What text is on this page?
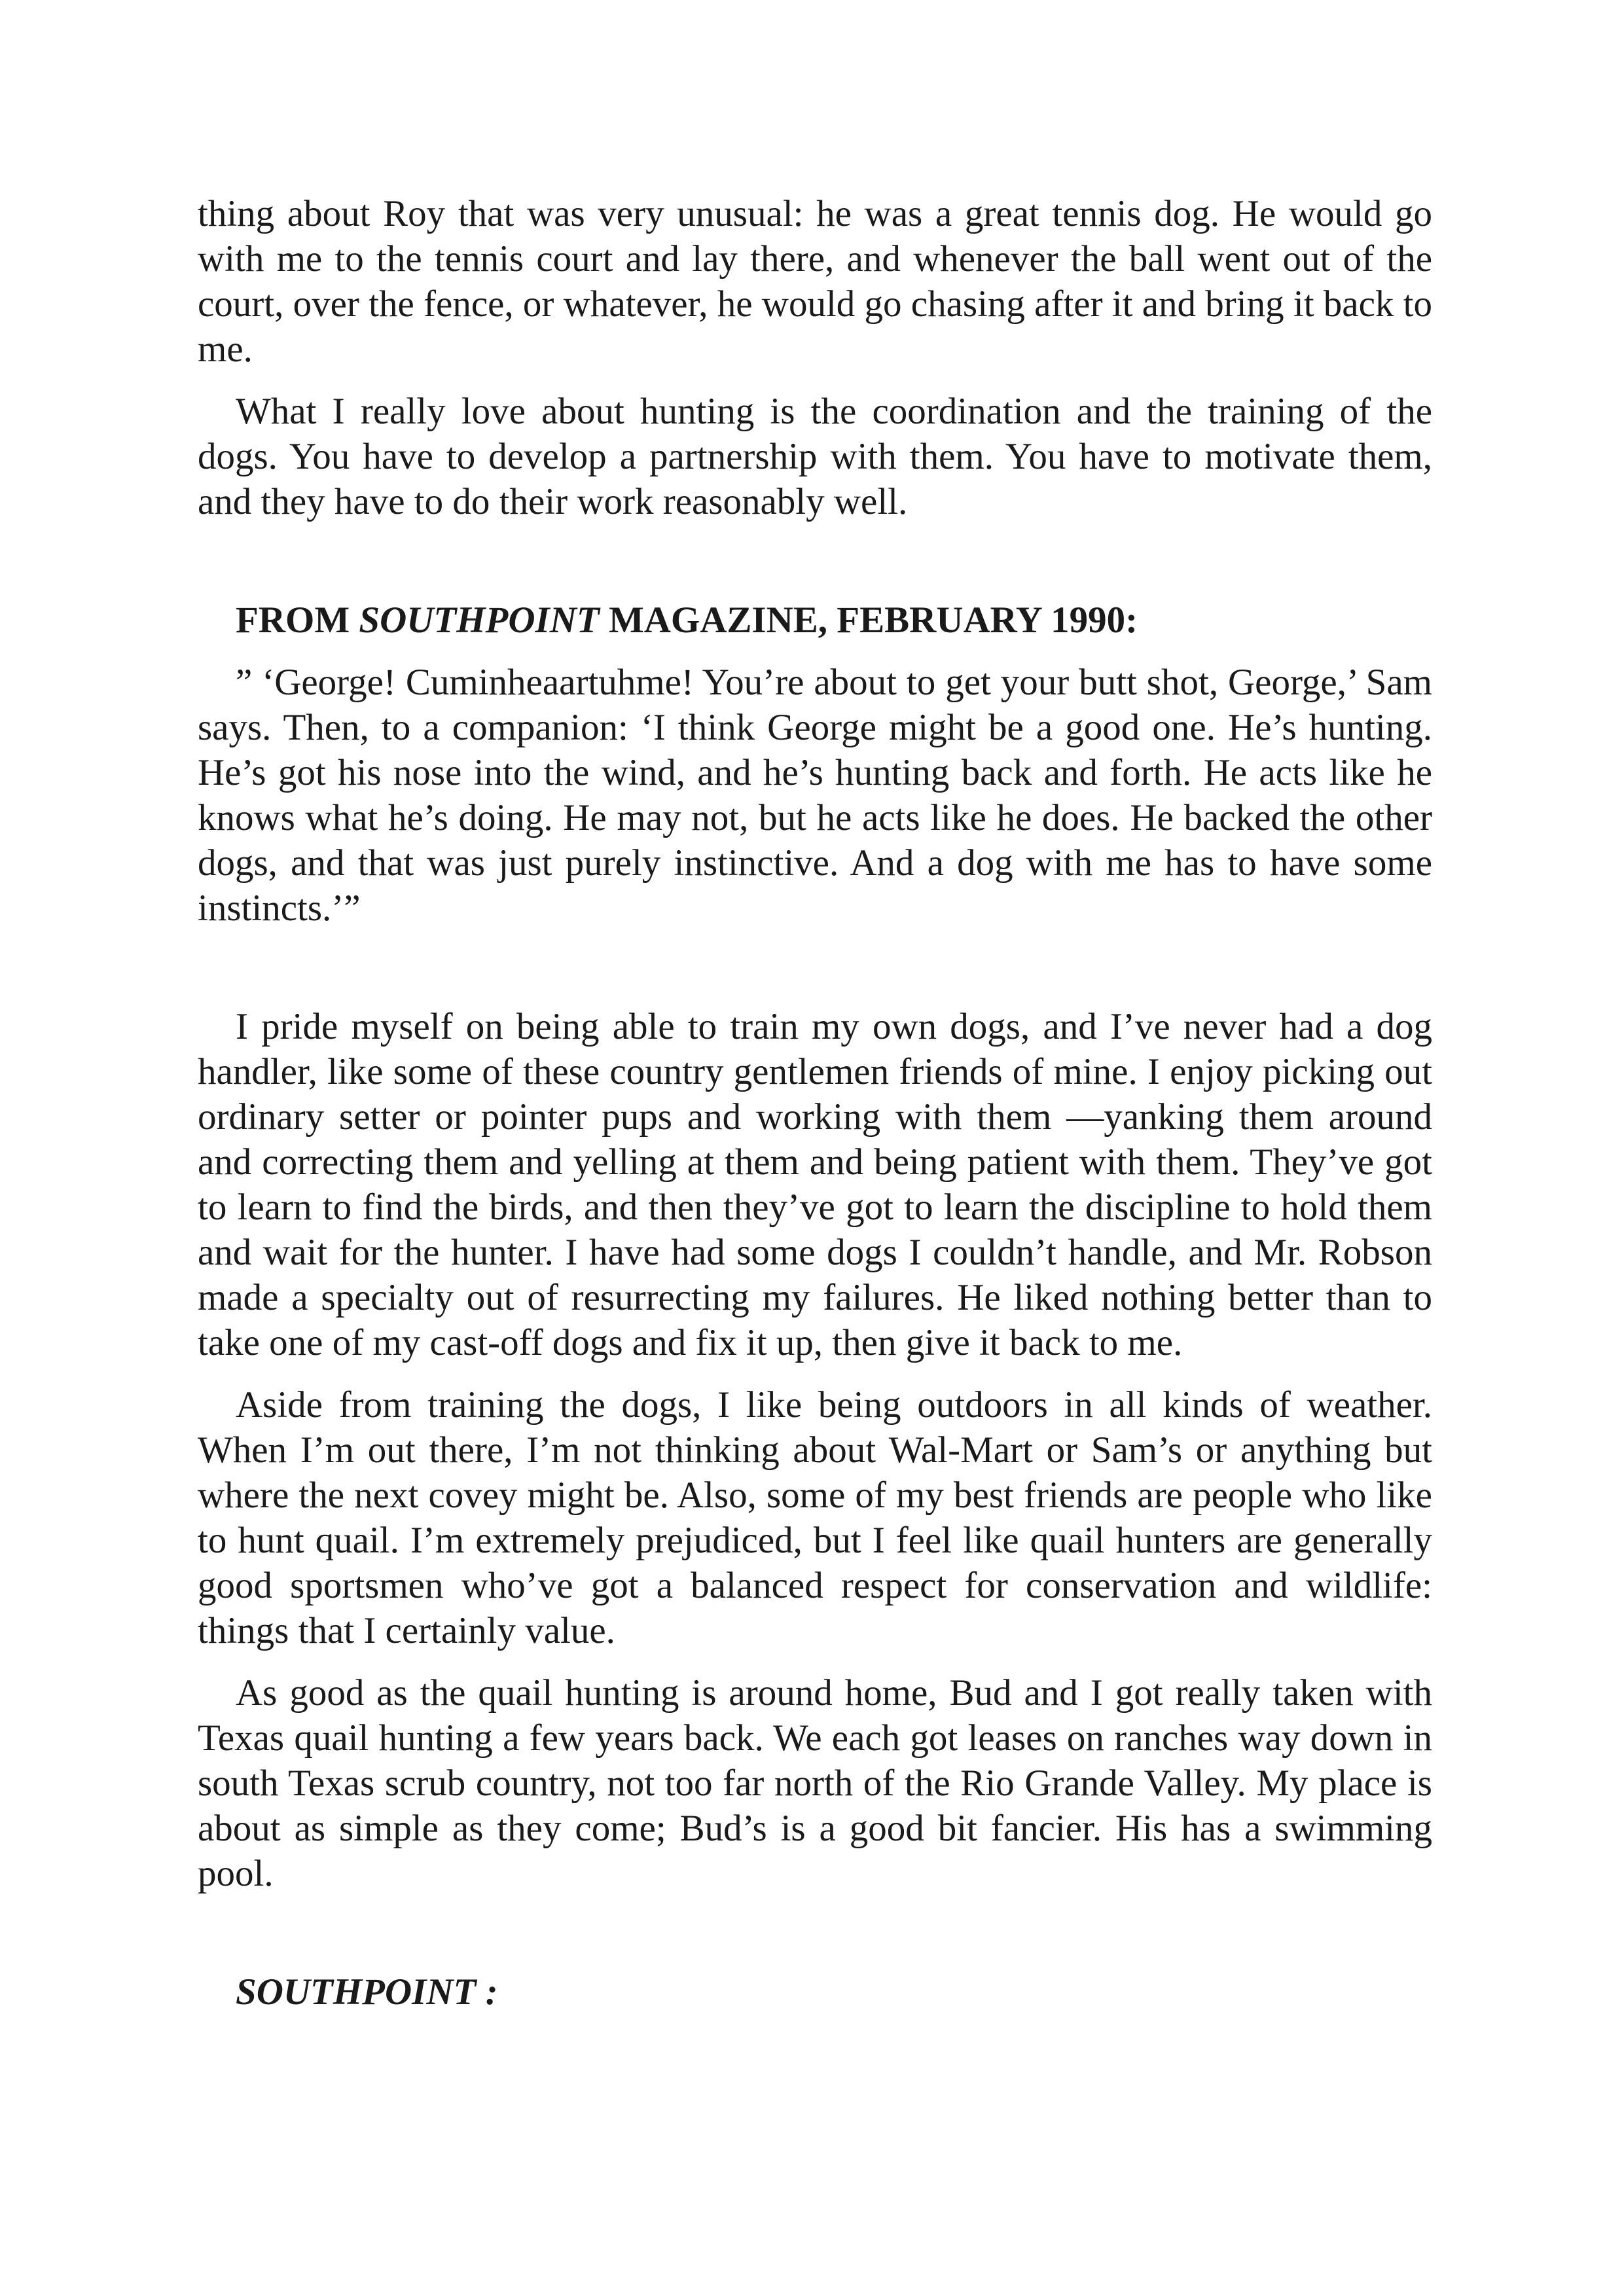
thing about Roy that was very unusual: he was a great tennis dog. He would go with me to the tennis court and lay there, and whenever the ball went out of the court, over the fence, or whatever, he would go chasing after it and bring it back to me.

What I really love about hunting is the coordination and the training of the dogs. You have to develop a partnership with them. You have to motivate them, and they have to do their work reasonably well.

FROM SOUTHPOINT MAGAZINE, FEBRUARY 1990:

” ‘George! Cuminheaartuhme! You’re about to get your butt shot, George,’ Sam says. Then, to a companion: ‘I think George might be a good one. He’s hunting. He’s got his nose into the wind, and he’s hunting back and forth. He acts like he knows what he’s doing. He may not, but he acts like he does. He backed the other dogs, and that was just purely instinctive. And a dog with me has to have some instincts.’”

I pride myself on being able to train my own dogs, and I’ve never had a dog handler, like some of these country gentlemen friends of mine. I enjoy picking out ordinary setter or pointer pups and working with them —yanking them around and correcting them and yelling at them and being patient with them. They’ve got to learn to find the birds, and then they’ve got to learn the discipline to hold them and wait for the hunter. I have had some dogs I couldn’t handle, and Mr. Robson made a specialty out of resurrecting my failures. He liked nothing better than to take one of my cast-off dogs and fix it up, then give it back to me.

Aside from training the dogs, I like being outdoors in all kinds of weather. When I’m out there, I’m not thinking about Wal-Mart or Sam’s or anything but where the next covey might be. Also, some of my best friends are people who like to hunt quail. I’m extremely prejudiced, but I feel like quail hunters are generally good sportsmen who’ve got a balanced respect for conservation and wildlife: things that I certainly value.

As good as the quail hunting is around home, Bud and I got really taken with Texas quail hunting a few years back. We each got leases on ranches way down in south Texas scrub country, not too far north of the Rio Grande Valley. My place is about as simple as they come; Bud’s is a good bit fancier. His has a swimming pool.

SOUTHPOINT :
